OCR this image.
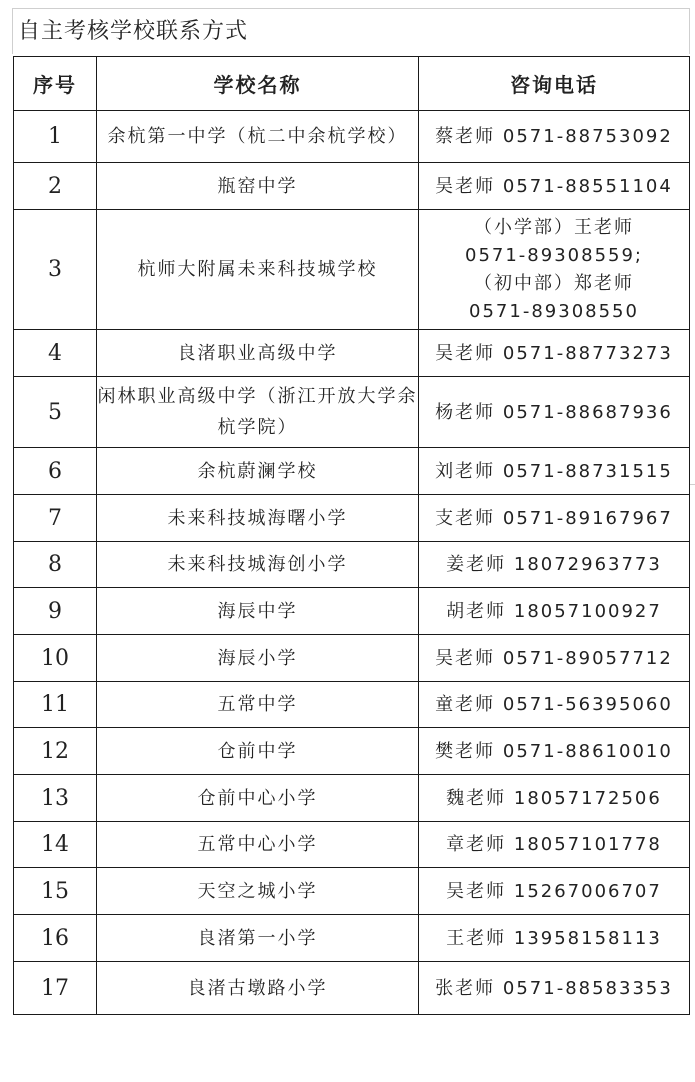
自主考核学校联系方式
序号	学校名称	咨询电话
1	余杭第一中学（杭二中余杭学校）	蔡老师 0571-88753092
2	瓶窑中学	吴老师 0571-88551104
3	杭师大附属未来科技城学校	（小学部）王老师
0571-89308559;
（初中部）郑老师
0571-89308550
4	良渚职业高级中学	吴老师 0571-88773273
5	闲林职业高级中学（浙江开放大学余杭学院）	杨老师 0571-88687936
6	余杭蔚澜学校	刘老师 0571-88731515
7	未来科技城海曙小学	支老师 0571-89167967
8	未来科技城海创小学	姜老师 18072963773
9	海辰中学	胡老师 18057100927
10	海辰小学	吴老师 0571-89057712
11	五常中学	童老师 0571-56395060
12	仓前中学	樊老师 0571-88610010
13	仓前中心小学	魏老师 18057172506
14	五常中心小学	章老师 18057101778
15	天空之城小学	吴老师 15267006707
16	良渚第一小学	王老师 13958158113
17	良渚古墩路小学	张老师 0571-88583353
